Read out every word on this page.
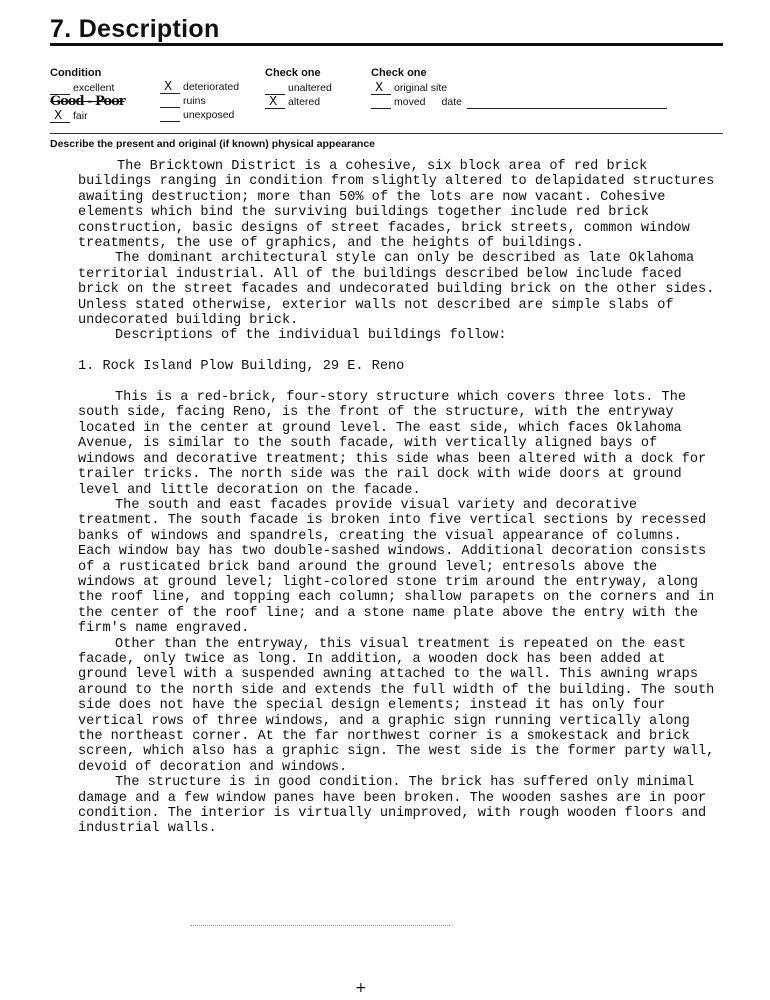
7. Description
Condition
excellent
Good - Poor
X fair
X deteriorated
ruins
unexposed
Check one
unaltered
X altered
Check one
X original site
moved date
Describe the present and original (if known) physical appearance

The Bricktown District is a cohesive, six block area of red brick buildings ranging in condition from slightly altered to delapidated structures awaiting destruction; more than 50% of the lots are now vacant. Cohesive elements which bind the surviving buildings together include red brick construction, basic designs of street facades, brick streets, common window treatments, the use of graphics, and the heights of buildings.

The dominant architectural style can only be described as late Oklahoma territorial industrial. All of the buildings described below include faced brick on the street facades and undecorated building brick on the other sides. Unless stated otherwise, exterior walls not described are simple slabs of undecorated building brick.

Descriptions of the individual buildings follow:

1. Rock Island Plow Building, 29 E. Reno

This is a red-brick, four-story structure which covers three lots. The south side, facing Reno, is the front of the structure, with the entryway located in the center at ground level. The east side, which faces Oklahoma Avenue, is similar to the south facade, with vertically aligned bays of windows and decorative treatment; this side whas been altered with a dock for trailer tricks. The north side was the rail dock with wide doors at ground level and little decoration on the facade.

The south and east facades provide visual variety and decorative treatment. The south facade is broken into five vertical sections by recessed banks of windows and spandrels, creating the visual appearance of columns. Each window bay has two double-sashed windows. Additional decoration consists of a rusticated brick band around the ground level; entresols above the windows at ground level; light-colored stone trim around the entryway, along the roof line, and topping each column; shallow parapets on the corners and in the center of the roof line; and a stone name plate above the entry with the firm's name engraved.

Other than the entryway, this visual treatment is repeated on the east facade, only twice as long. In addition, a wooden dock has been added at ground level with a suspended awning attached to the wall. This awning wraps around to the north side and extends the full width of the building. The south side does not have the special design elements; instead it has only four vertical rows of three windows, and a graphic sign running vertically along the northeast corner. At the far northwest corner is a smokestack and brick screen, which also has a graphic sign. The west side is the former party wall, devoid of decoration and windows.

The structure is in good condition. The brick has suffered only minimal damage and a few window panes have been broken. The wooden sashes are in poor condition. The interior is virtually unimproved, with rough wooden floors and industrial walls.

+
